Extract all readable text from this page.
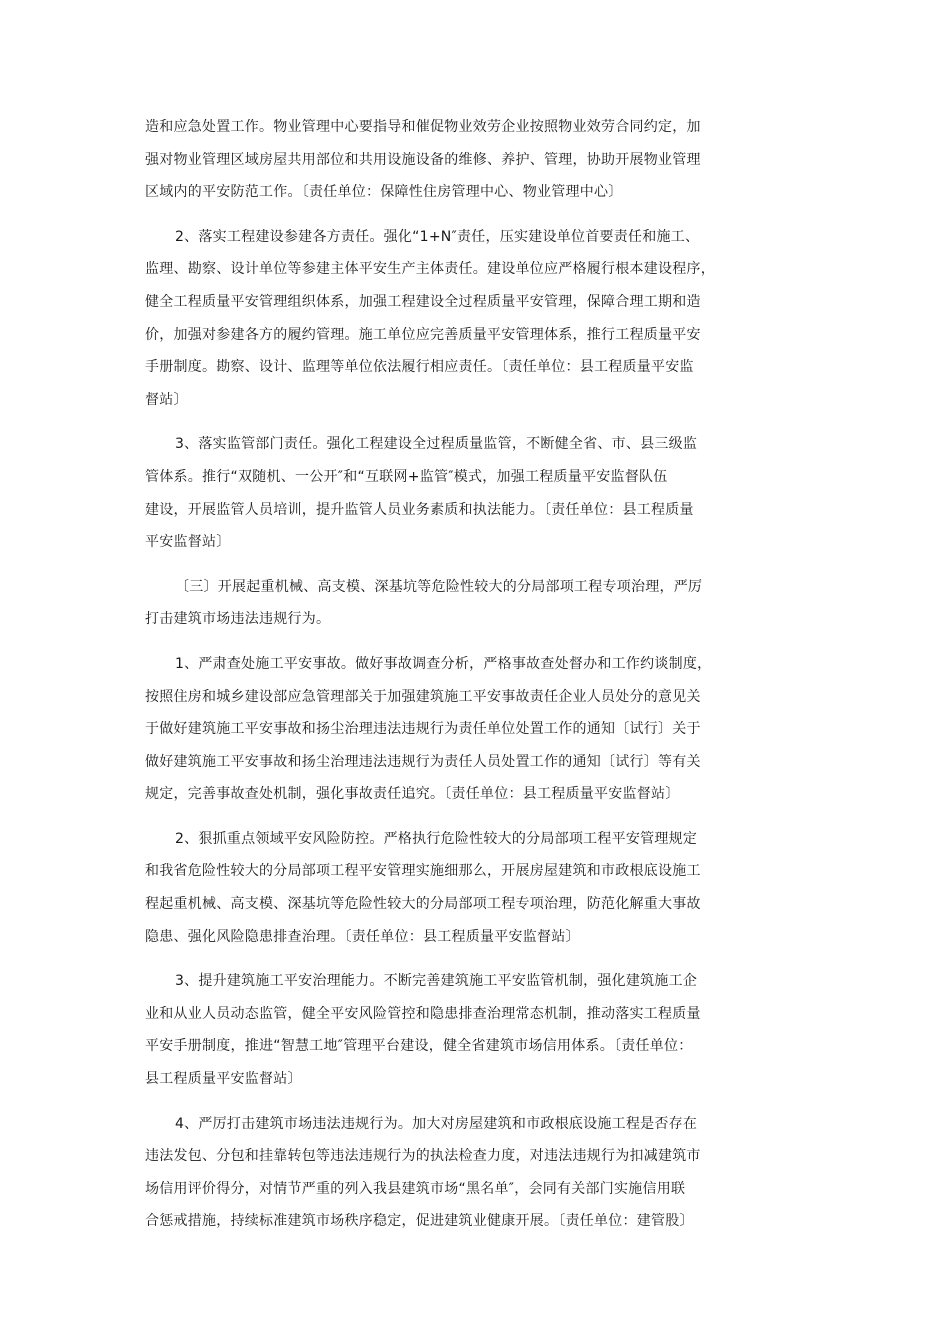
造和应急处置工作。物业管理中心要指导和催促物业效劳企业按照物业效劳合同约定，加
强对物业管理区域房屋共用部位和共用设施设备的维修、养护、管理，协助开展物业管理
区域内的平安防范工作。〔责任单位：保障性住房管理中心、物业管理中心〕
2、落实工程建设参建各方责任。强化“1+N″责任，压实建设单位首要责任和施工、
监理、勘察、设计单位等参建主体平安生产主体责任。建设单位应严格履行根本建设程序，
健全工程质量平安管理组织体系，加强工程建设全过程质量平安管理，保障合理工期和造
价，加强对参建各方的履约管理。施工单位应完善质量平安管理体系，推行工程质量平安
手册制度。勘察、设计、监理等单位依法履行相应责任。〔责任单位：县工程质量平安监
督站〕
3、落实监管部门责任。强化工程建设全过程质量监管，不断健全省、市、县三级监
管体系。推行“双随机、一公开″和“互联网+监管″模式，加强工程质量平安监督队伍
建设，开展监管人员培训，提升监管人员业务素质和执法能力。〔责任单位：县工程质量
平安监督站〕
〔三〕开展起重机械、高支模、深基坑等危险性较大的分局部项工程专项治理，严厉
打击建筑市场违法违规行为。
1、严肃查处施工平安事故。做好事故调查分析，严格事故查处督办和工作约谈制度，
按照住房和城乡建设部应急管理部关于加强建筑施工平安事故责任企业人员处分的意见关
于做好建筑施工平安事故和扬尘治理违法违规行为责任单位处置工作的通知〔试行〕关于
做好建筑施工平安事故和扬尘治理违法违规行为责任人员处置工作的通知〔试行〕等有关
规定，完善事故查处机制，强化事故责任追究。〔责任单位：县工程质量平安监督站〕
2、狠抓重点领域平安风险防控。严格执行危险性较大的分局部项工程平安管理规定
和我省危险性较大的分局部项工程平安管理实施细那么，开展房屋建筑和市政根底设施工
程起重机械、高支模、深基坑等危险性较大的分局部项工程专项治理，防范化解重大事故
隐患、强化风险隐患排查治理。〔责任单位：县工程质量平安监督站〕
3、提升建筑施工平安治理能力。不断完善建筑施工平安监管机制，强化建筑施工企
业和从业人员动态监管，健全平安风险管控和隐患排查治理常态机制，推动落实工程质量
平安手册制度，推进“智慧工地″管理平台建设，健全省建筑市场信用体系。〔责任单位：
县工程质量平安监督站〕
4、严厉打击建筑市场违法违规行为。加大对房屋建筑和市政根底设施工程是否存在
违法发包、分包和挂靠转包等违法违规行为的执法检查力度，对违法违规行为扣减建筑市
场信用评价得分，对情节严重的列入我县建筑市场“黑名单″，会同有关部门实施信用联
合惩戒措施，持续标准建筑市场秩序稳定，促进建筑业健康开展。〔责任单位：建管股〕
